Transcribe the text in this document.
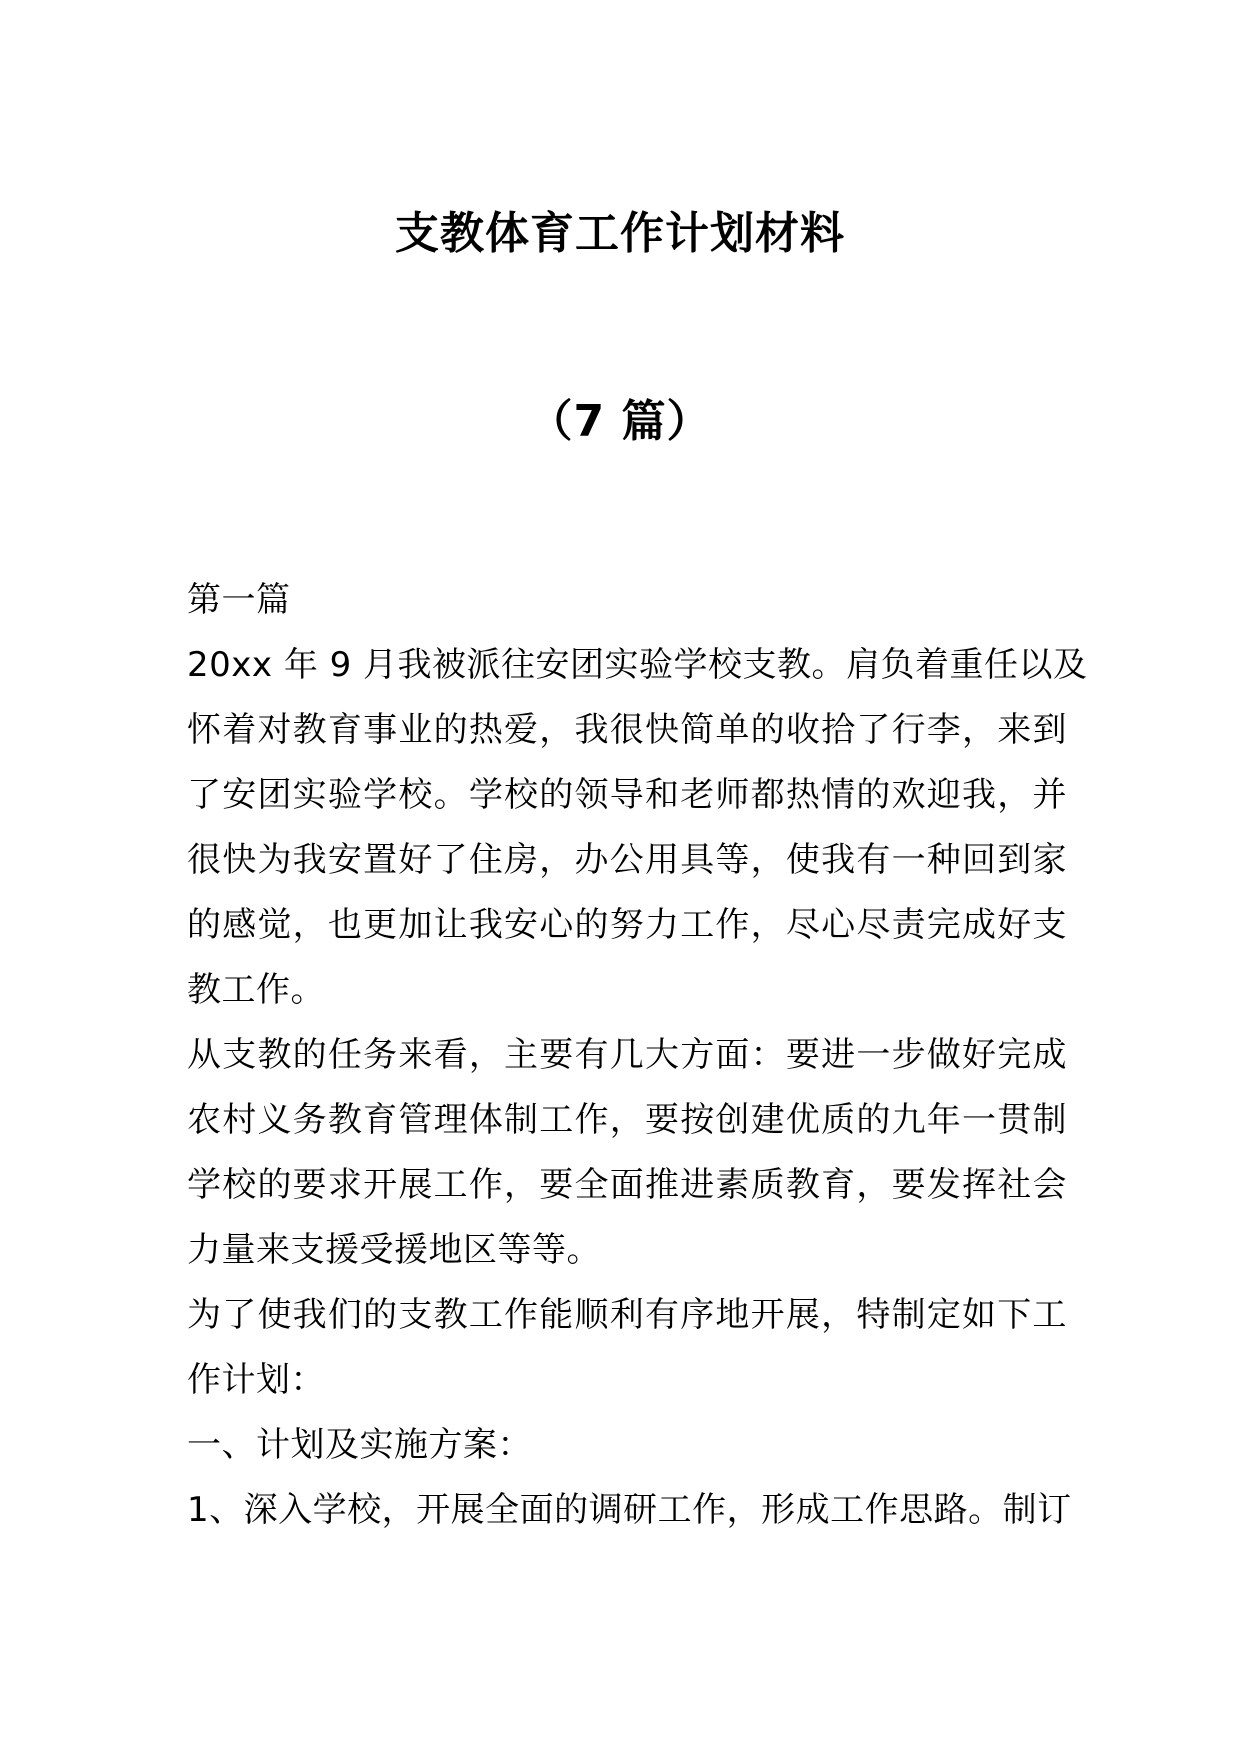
支教体育工作计划材料
（7 篇）
第一篇
20xx 年 9 月我被派往安团实验学校支教。肩负着重任以及
怀着对教育事业的热爱，我很快简单的收拾了行李，来到
了安团实验学校。学校的领导和老师都热情的欢迎我，并
很快为我安置好了住房，办公用具等，使我有一种回到家
的感觉，也更加让我安心的努力工作，尽心尽责完成好支
教工作。
从支教的任务来看，主要有几大方面：要进一步做好完成
农村义务教育管理体制工作，要按创建优质的九年一贯制
学校的要求开展工作，要全面推进素质教育，要发挥社会
力量来支援受援地区等等。
为了使我们的支教工作能顺利有序地开展，特制定如下工
作计划：
一、计划及实施方案：
1、深入学校，开展全面的调研工作，形成工作思路。制订
